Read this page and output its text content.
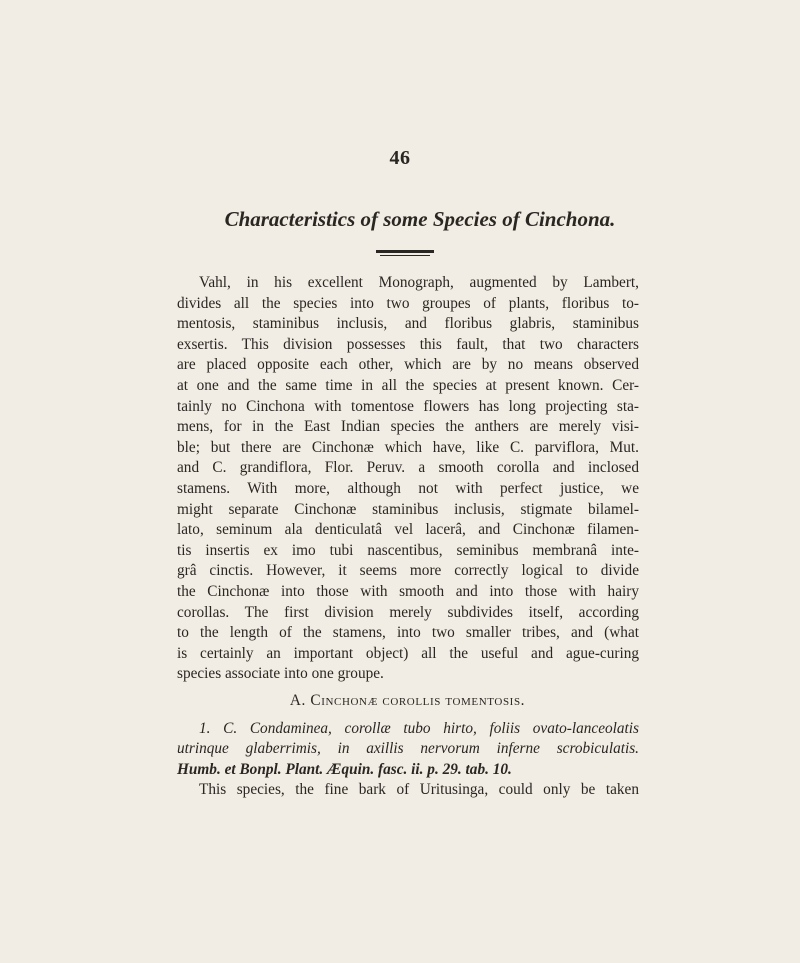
46
Characteristics of some Species of Cinchona.
Vahl, in his excellent Monograph, augmented by Lambert,
divides all the species into two groupes of plants, floribus to-
mentosis, staminibus inclusis, and floribus glabris, staminibus
exsertis. This division possesses this fault, that two characters
are placed opposite each other, which are by no means observed
at one and the same time in all the species at present known. Cer-
tainly no Cinchona with tomentose flowers has long projecting sta-
mens, for in the East Indian species the anthers are merely visi-
ble; but there are Cinchonæ which have, like C. parviflora, Mut.
and C. grandiflora, Flor. Peruv. a smooth corolla and inclosed
stamens. With more, although not with perfect justice, we
might separate Cinchonæ staminibus inclusis, stigmate bilamel-
lato, seminum ala denticulatâ vel lacerâ, and Cinchonæ filamen-
tis insertis ex imo tubi nascentibus, seminibus membranâ inte-
grâ cinctis. However, it seems more correctly logical to divide
the Cinchonæ into those with smooth and into those with hairy
corollas. The first division merely subdivides itself, according
to the length of the stamens, into two smaller tribes, and (what
is certainly an important object) all the useful and ague-curing
species associate into one groupe.
A. Cinchonæ corollis tomentosis.
1. C. Condaminea, corollæ tubo hirto, foliis ovato-lanceolatis
utrinque glaberrimis, in axillis nervorum inferne scrobiculatis.
Humb. et Bonpl. Plant. Æquin. fasc. ii. p. 29. tab. 10.
This species, the fine bark of Uritusinga, could only be taken
